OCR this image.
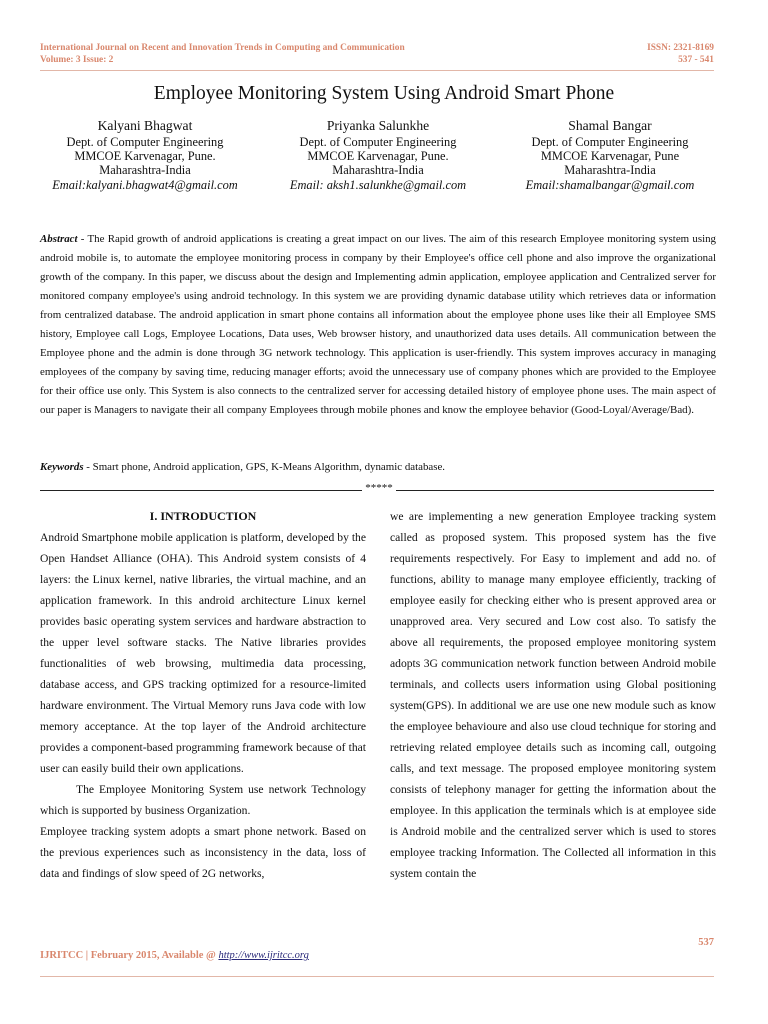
International Journal on Recent and Innovation Trends in Computing and Communication
Volume: 3 Issue: 2
ISSN: 2321-8169
537 - 541
Employee Monitoring System Using Android Smart Phone
Kalyani Bhagwat
Dept. of Computer Engineering
MMCOE Karvenagar, Pune.
Maharashtra-India
Email:kalyani.bhagwat4@gmail.com
Priyanka Salunkhe
Dept. of Computer Engineering
MMCOE Karvenagar, Pune.
Maharashtra-India
Email: aksh1.salunkhe@gmail.com
Shamal Bangar
Dept. of Computer Engineering
MMCOE Karvenagar, Pune
Maharashtra-India
Email:shamalbangar@gmail.com
Abstract - The Rapid growth of android applications is creating a great impact on our lives. The aim of this research Employee monitoring system using android mobile is, to automate the employee monitoring process in company by their Employee's office cell phone and also improve the organizational growth of the company. In this paper, we discuss about the design and Implementing admin application, employee application and Centralized server for monitored company employee's using android technology. In this system we are providing dynamic database utility which retrieves data or information from centralized database. The android application in smart phone contains all information about the employee phone uses like their all Employee SMS history, Employee call Logs, Employee Locations, Data uses, Web browser history, and unauthorized data uses details. All communication between the Employee phone and the admin is done through 3G network technology. This application is user-friendly. This system improves accuracy in managing employees of the company by saving time, reducing manager efforts; avoid the unnecessary use of company phones which are provided to the Employee for their office use only. This System is also connects to the centralized server for accessing detailed history of employee phone uses. The main aspect of our paper is Managers to navigate their all company Employees through mobile phones and know the employee behavior (Good-Loyal/Average/Bad).
Keywords - Smart phone, Android application, GPS, K-Means Algorithm, dynamic database.
*****

I. INTRODUCTION

Android Smartphone mobile application is platform, developed by the Open Handset Alliance (OHA). This Android system consists of 4 layers: the Linux kernel, native libraries, the virtual machine, and an application framework. In this android architecture Linux kernel provides basic operating system services and hardware abstraction to the upper level software stacks. The Native libraries provides functionalities of web browsing, multimedia data processing, database access, and GPS tracking optimized for a resource-limited hardware environment. The Virtual Memory runs Java code with low memory acceptance. At the top layer of the Android architecture provides a component-based programming framework because of that user can easily build their own applications.

The Employee Monitoring System use network Technology which is supported by business Organization.

Employee tracking system adopts a smart phone network. Based on the previous experiences such as inconsistency in the data, loss of data and findings of slow speed of 2G networks,

we are implementing a new generation Employee tracking system called as proposed system. This proposed system has the five requirements respectively. For Easy to implement and add no. of functions, ability to manage many employee efficiently, tracking of employee easily for checking either who is present approved area or unapproved area. Very secured and Low cost also. To satisfy the above all requirements, the proposed employee monitoring system adopts 3G communication network function between Android mobile terminals, and collects users information using Global positioning system(GPS). In additional we are use one new module such as know the employee behavioure and also use cloud technique for storing and retrieving related employee details such as incoming call, outgoing calls, and text message. The proposed employee monitoring system consists of telephony manager for getting the information about the employee. In this application the terminals which is at employee side is Android mobile and the centralized server which is used to stores employee tracking Information. The Collected all information in this system contain the

537
IJRITCC | February 2015, Available @ http://www.ijritcc.org
